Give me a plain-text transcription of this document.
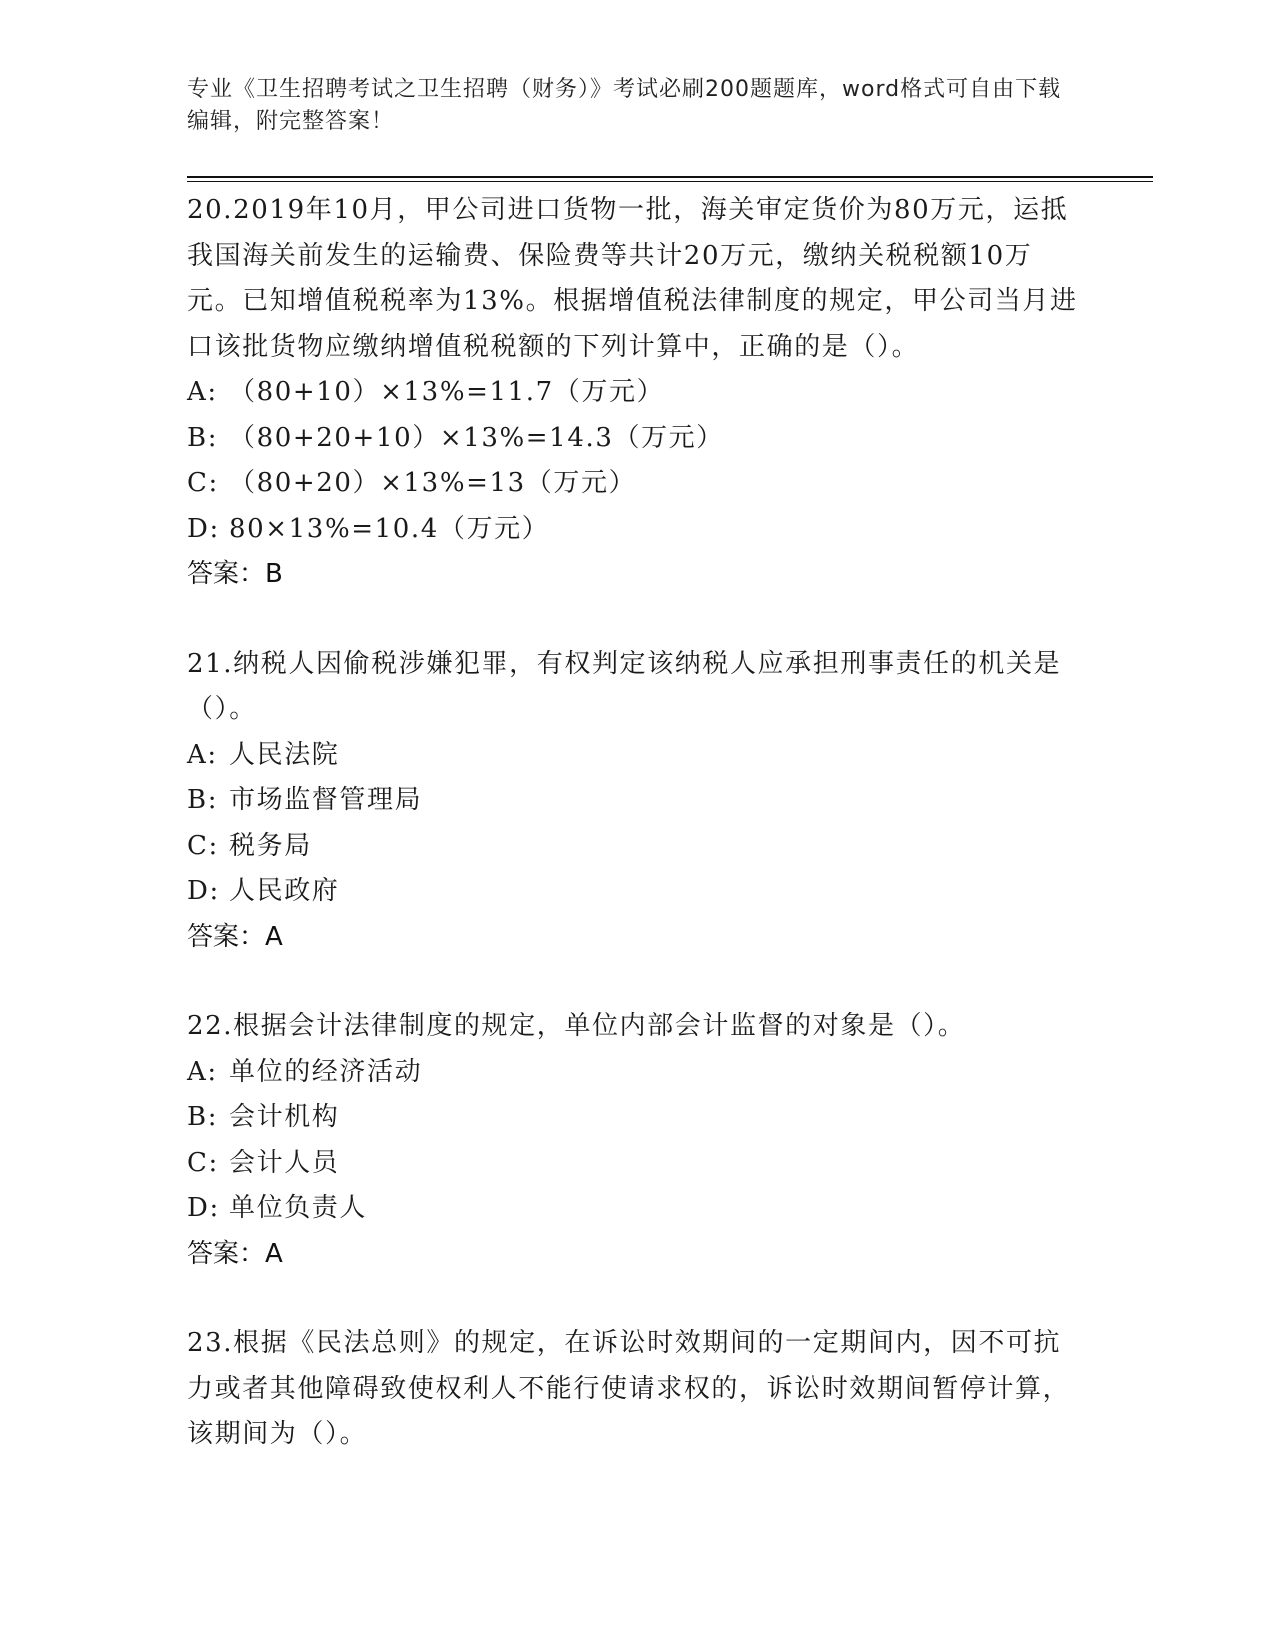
专业《卫生招聘考试之卫生招聘（财务）》考试必刷200题题库，word格式可自由下载编辑，附完整答案！
20.2019年10月，甲公司进口货物一批，海关审定货价为80万元，运抵我国海关前发生的运输费、保险费等共计20万元，缴纳关税税额10万元。已知增值税税率为13%。根据增值税法律制度的规定，甲公司当月进口该批货物应缴纳增值税税额的下列计算中，正确的是（）。
A: （80+10）×13%=11.7（万元）
B: （80+20+10）×13%=14.3（万元）
C: （80+20）×13%=13（万元）
D: 80×13%=10.4（万元）
答案：B
21.纳税人因偷税涉嫌犯罪，有权判定该纳税人应承担刑事责任的机关是（）。
A: 人民法院
B: 市场监督管理局
C: 税务局
D: 人民政府
答案：A
22.根据会计法律制度的规定，单位内部会计监督的对象是（）。
A: 单位的经济活动
B: 会计机构
C: 会计人员
D: 单位负责人
答案：A
23.根据《民法总则》的规定，在诉讼时效期间的一定期间内，因不可抗力或者其他障碍致使权利人不能行使请求权的，诉讼时效期间暂停计算，该期间为（）。
